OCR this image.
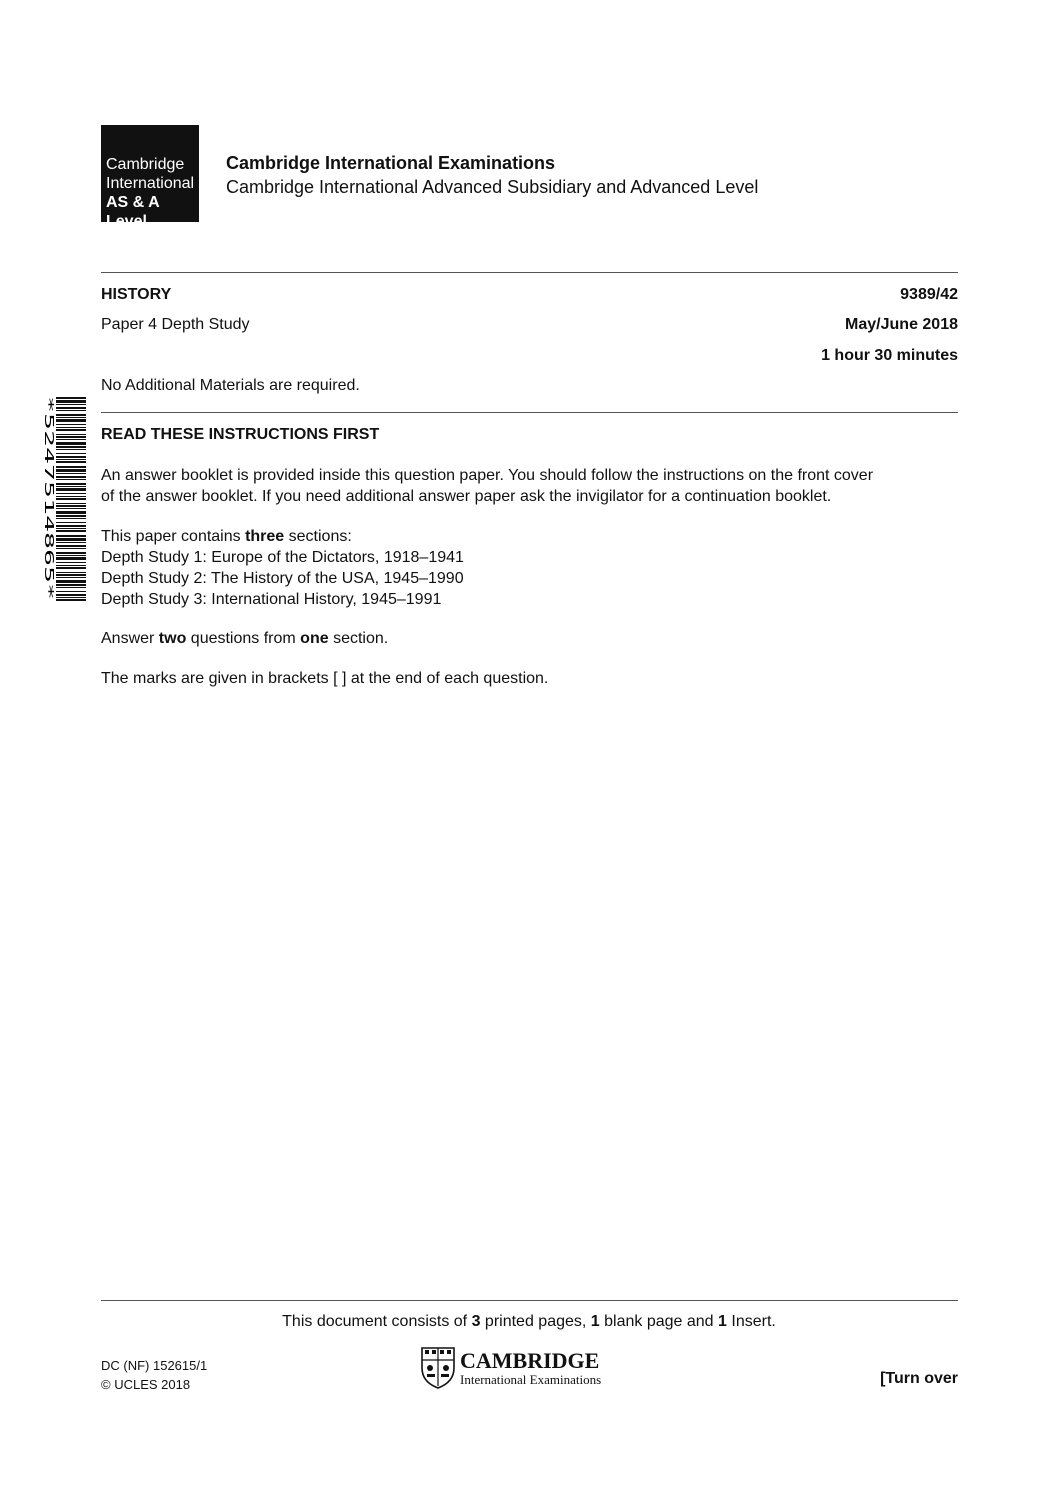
Cambridge
International
AS & A Level
Cambridge International Examinations
Cambridge International Advanced Subsidiary and Advanced Level
HISTORY
Paper 4 Depth Study
9389/42
May/June 2018
1 hour 30 minutes
No Additional Materials are required.
*5247514865*	READ THESE INSTRUCTIONS FIRST
An answer booklet is provided inside this question paper. You should follow the instructions on the front cover
of the answer booklet. If you need additional answer paper ask the invigilator for a continuation booklet.
This paper contains three sections:
Depth Study 1: Europe of the Dictators, 1918–1941
Depth Study 2: The History of the USA, 1945–1990
Depth Study 3: International History, 1945–1991
Answer two questions from one section.
The marks are given in brackets [ ] at the end of each question.
This document consists of 3 printed pages, 1 blank page and 1 Insert.
DC (NF) 152615/1
© UCLES 2018
CAMBRIDGE
International Examinations	[Turn over
